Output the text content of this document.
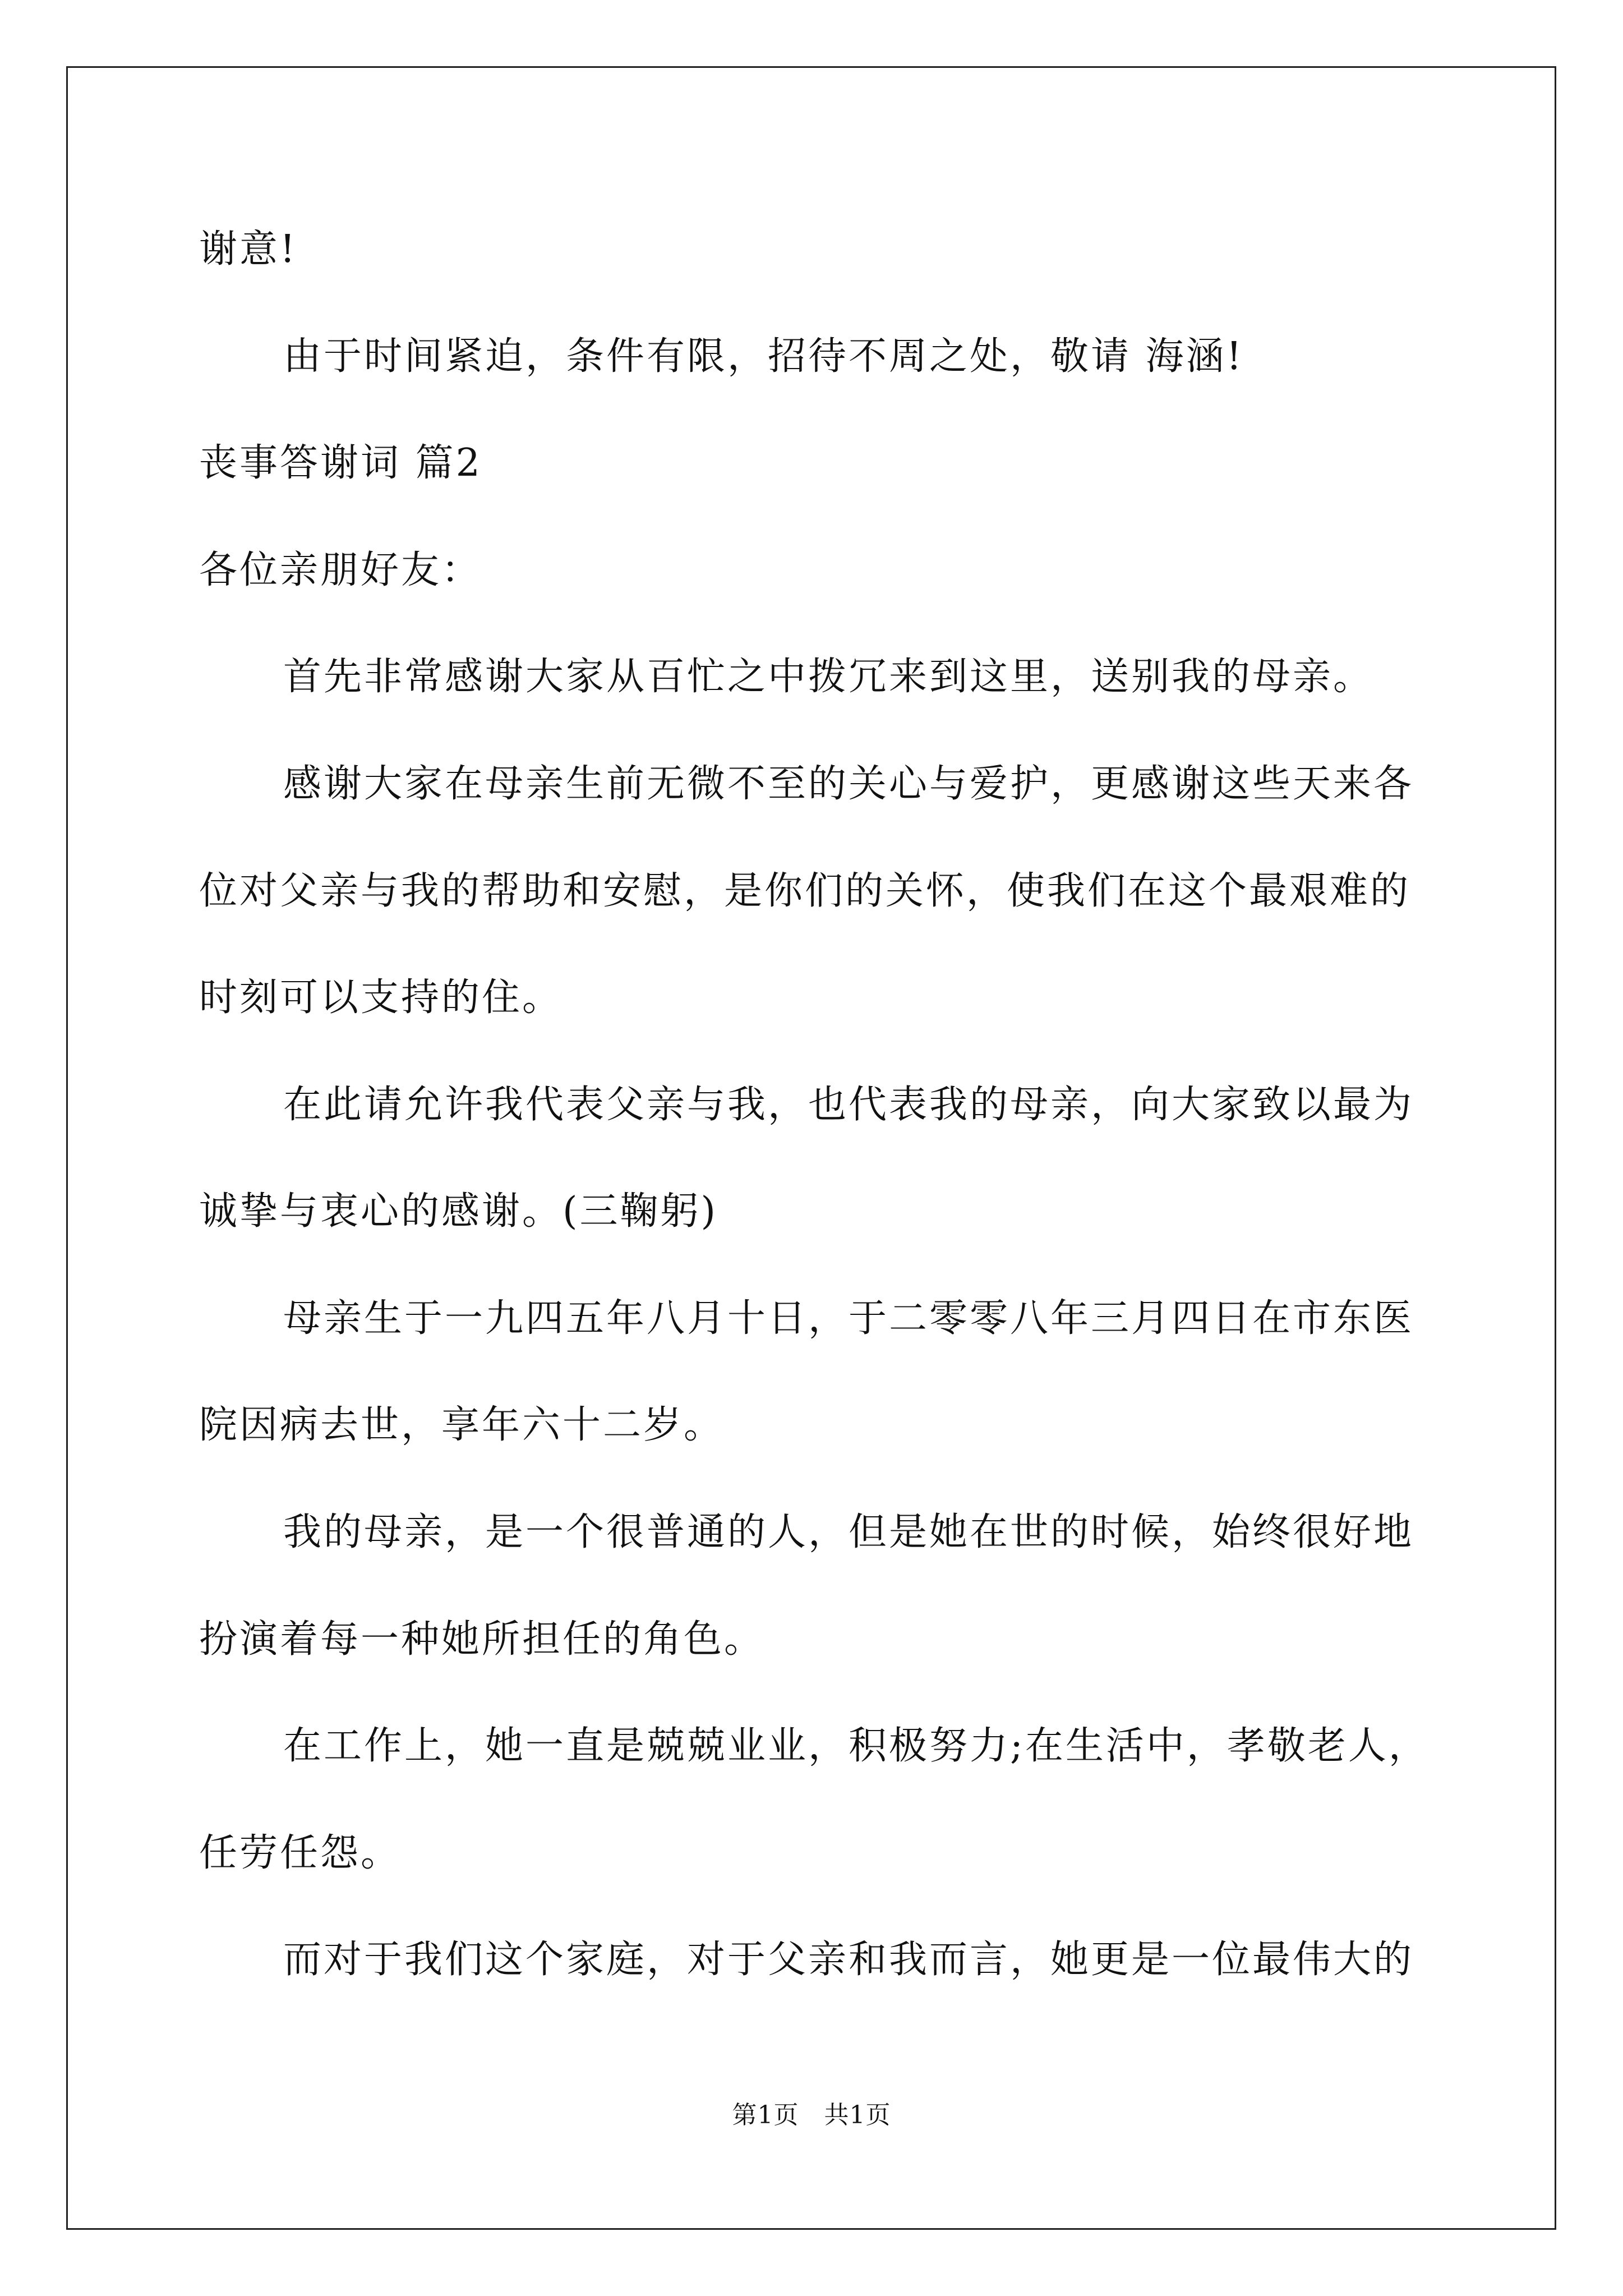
谢意!
由于时间紧迫，条件有限，招待不周之处，敬请 海涵!
丧事答谢词 篇2
各位亲朋好友：
首先非常感谢大家从百忙之中拨冗来到这里，送别我的母亲。
感谢大家在母亲生前无微不至的关心与爱护，更感谢这些天来各
位对父亲与我的帮助和安慰，是你们的关怀，使我们在这个最艰难的
时刻可以支持的住。
在此请允许我代表父亲与我，也代表我的母亲，向大家致以最为
诚挚与衷心的感谢。(三鞠躬)
母亲生于一九四五年八月十日，于二零零八年三月四日在市东医
院因病去世，享年六十二岁。
我的母亲，是一个很普通的人，但是她在世的时候，始终很好地
扮演着每一种她所担任的角色。
在工作上，她一直是兢兢业业，积极努力;在生活中，孝敬老人，
任劳任怨。
而对于我们这个家庭，对于父亲和我而言，她更是一位最伟大的
第1页　共1页
